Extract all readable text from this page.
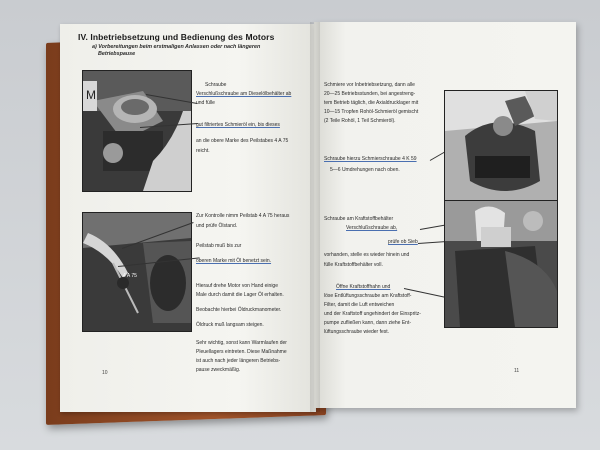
IV. Inbetriebsetzung und Bedienung des Motors
a) Vorbereitungen beim erstmaligen Anlassen oder nach längeren
Betriebspause
M
4 A 75
Schraube
Verschlußschraube am Dieselölbehälter ab
und fülle
gut filtriertes Schmieröl ein, bis dieses
an die obere Marke des Peilstabes 4 A 75
reicht.
Zur Kontrolle nimm Peilstab 4 A 75 heraus
und prüfe Ölstand.
Peilstab muß bis zur
oberen Marke mit Öl benetzt sein.
Hierauf drehe Motor von Hand einige
Male durch damit die Lager Öl erhalten.
Beobachte hierbei Öldruckmanometer.
Öldruck muß langsam steigen.
Sehr wichtig, sonst kann Warmlaufen der
Pleuellagers eintreten. Diese Maßnahme
ist auch nach jeder längeren Betriebs-
pause zweckmäßig.
10
Schmiere vor Inbetriebsetzung, dann alle
20—25 Betriebsstunden, bei angestreng-
tem Betrieb täglich, die Axialdrucklager mit
10—15 Tropfen Rohöl-Schmieröl gemischt
(2 Teile Rohöl, 1 Teil Schmieröl).
Schraube hierzu Schmierschraube 4 K 59
5—6 Umdrehungen nach oben.
Schraube am Kraftstoffbehälter
Verschlußschraube ab,
prüfe ob Sieb
vorhanden, stelle es wieder hinein und
fülle Kraftstoffbehälter voll.
Öffne Kraftstoffhahn und
löse Entlüftungsschraube am Kraftstoff-
Filter, damit die Luft entweichen
und der Kraftstoff ungehindert der Einspritz-
pumpe zufließen kann, dann ziehe Ent-
lüftungsschraube wieder fest.
11
